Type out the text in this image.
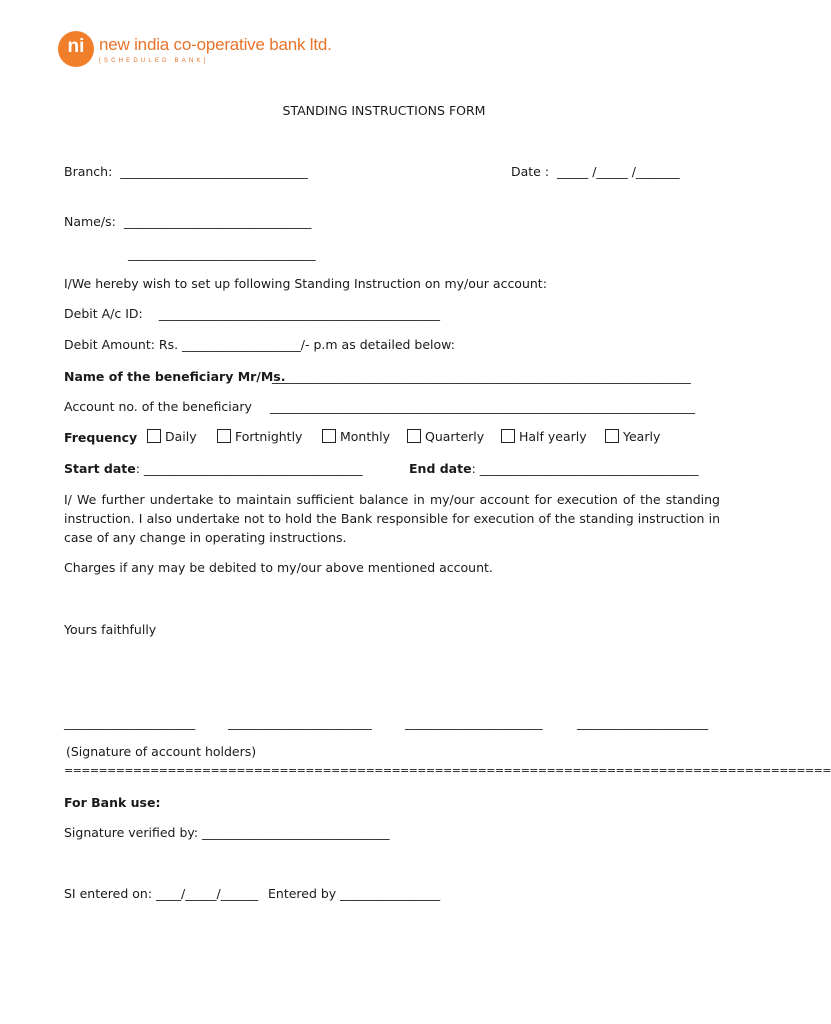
ni new india co-operative bank ltd.
[SCHEDULED BANK]
STANDING INSTRUCTIONS FORM
Branch: ______________________________	Date : _____ /_____ /_______
Name/s: ______________________________
______________________________
I/We hereby wish to set up following Standing Instruction on my/our account:
Debit A/c ID: _____________________________________________
Debit Amount: Rs. ___________________/- p.m as detailed below:
Name of the beneficiary Mr/Ms.
___________________________________________________________________
Account no. of the beneficiary ____________________________________________________________________
Frequency	Daily	Fortnightly	Monthly	Quarterly	Half yearly	Yearly
Start date: ___________________________________	End date: ___________________________________
I/ We further undertake to maintain sufficient balance in my/our account for execution of the standing instruction. I also undertake not to hold the Bank responsible for execution of the standing instruction in case of any change in operating instructions.
Charges if any may be debited to my/our above mentioned account.
Yours faithfully
_____________________	_______________________	______________________	_____________________
(Signature of account holders)
=========================================================================================
For Bank use:
Signature verified by: ______________________________
SI entered on: ____/_____/______ Entered by ________________
